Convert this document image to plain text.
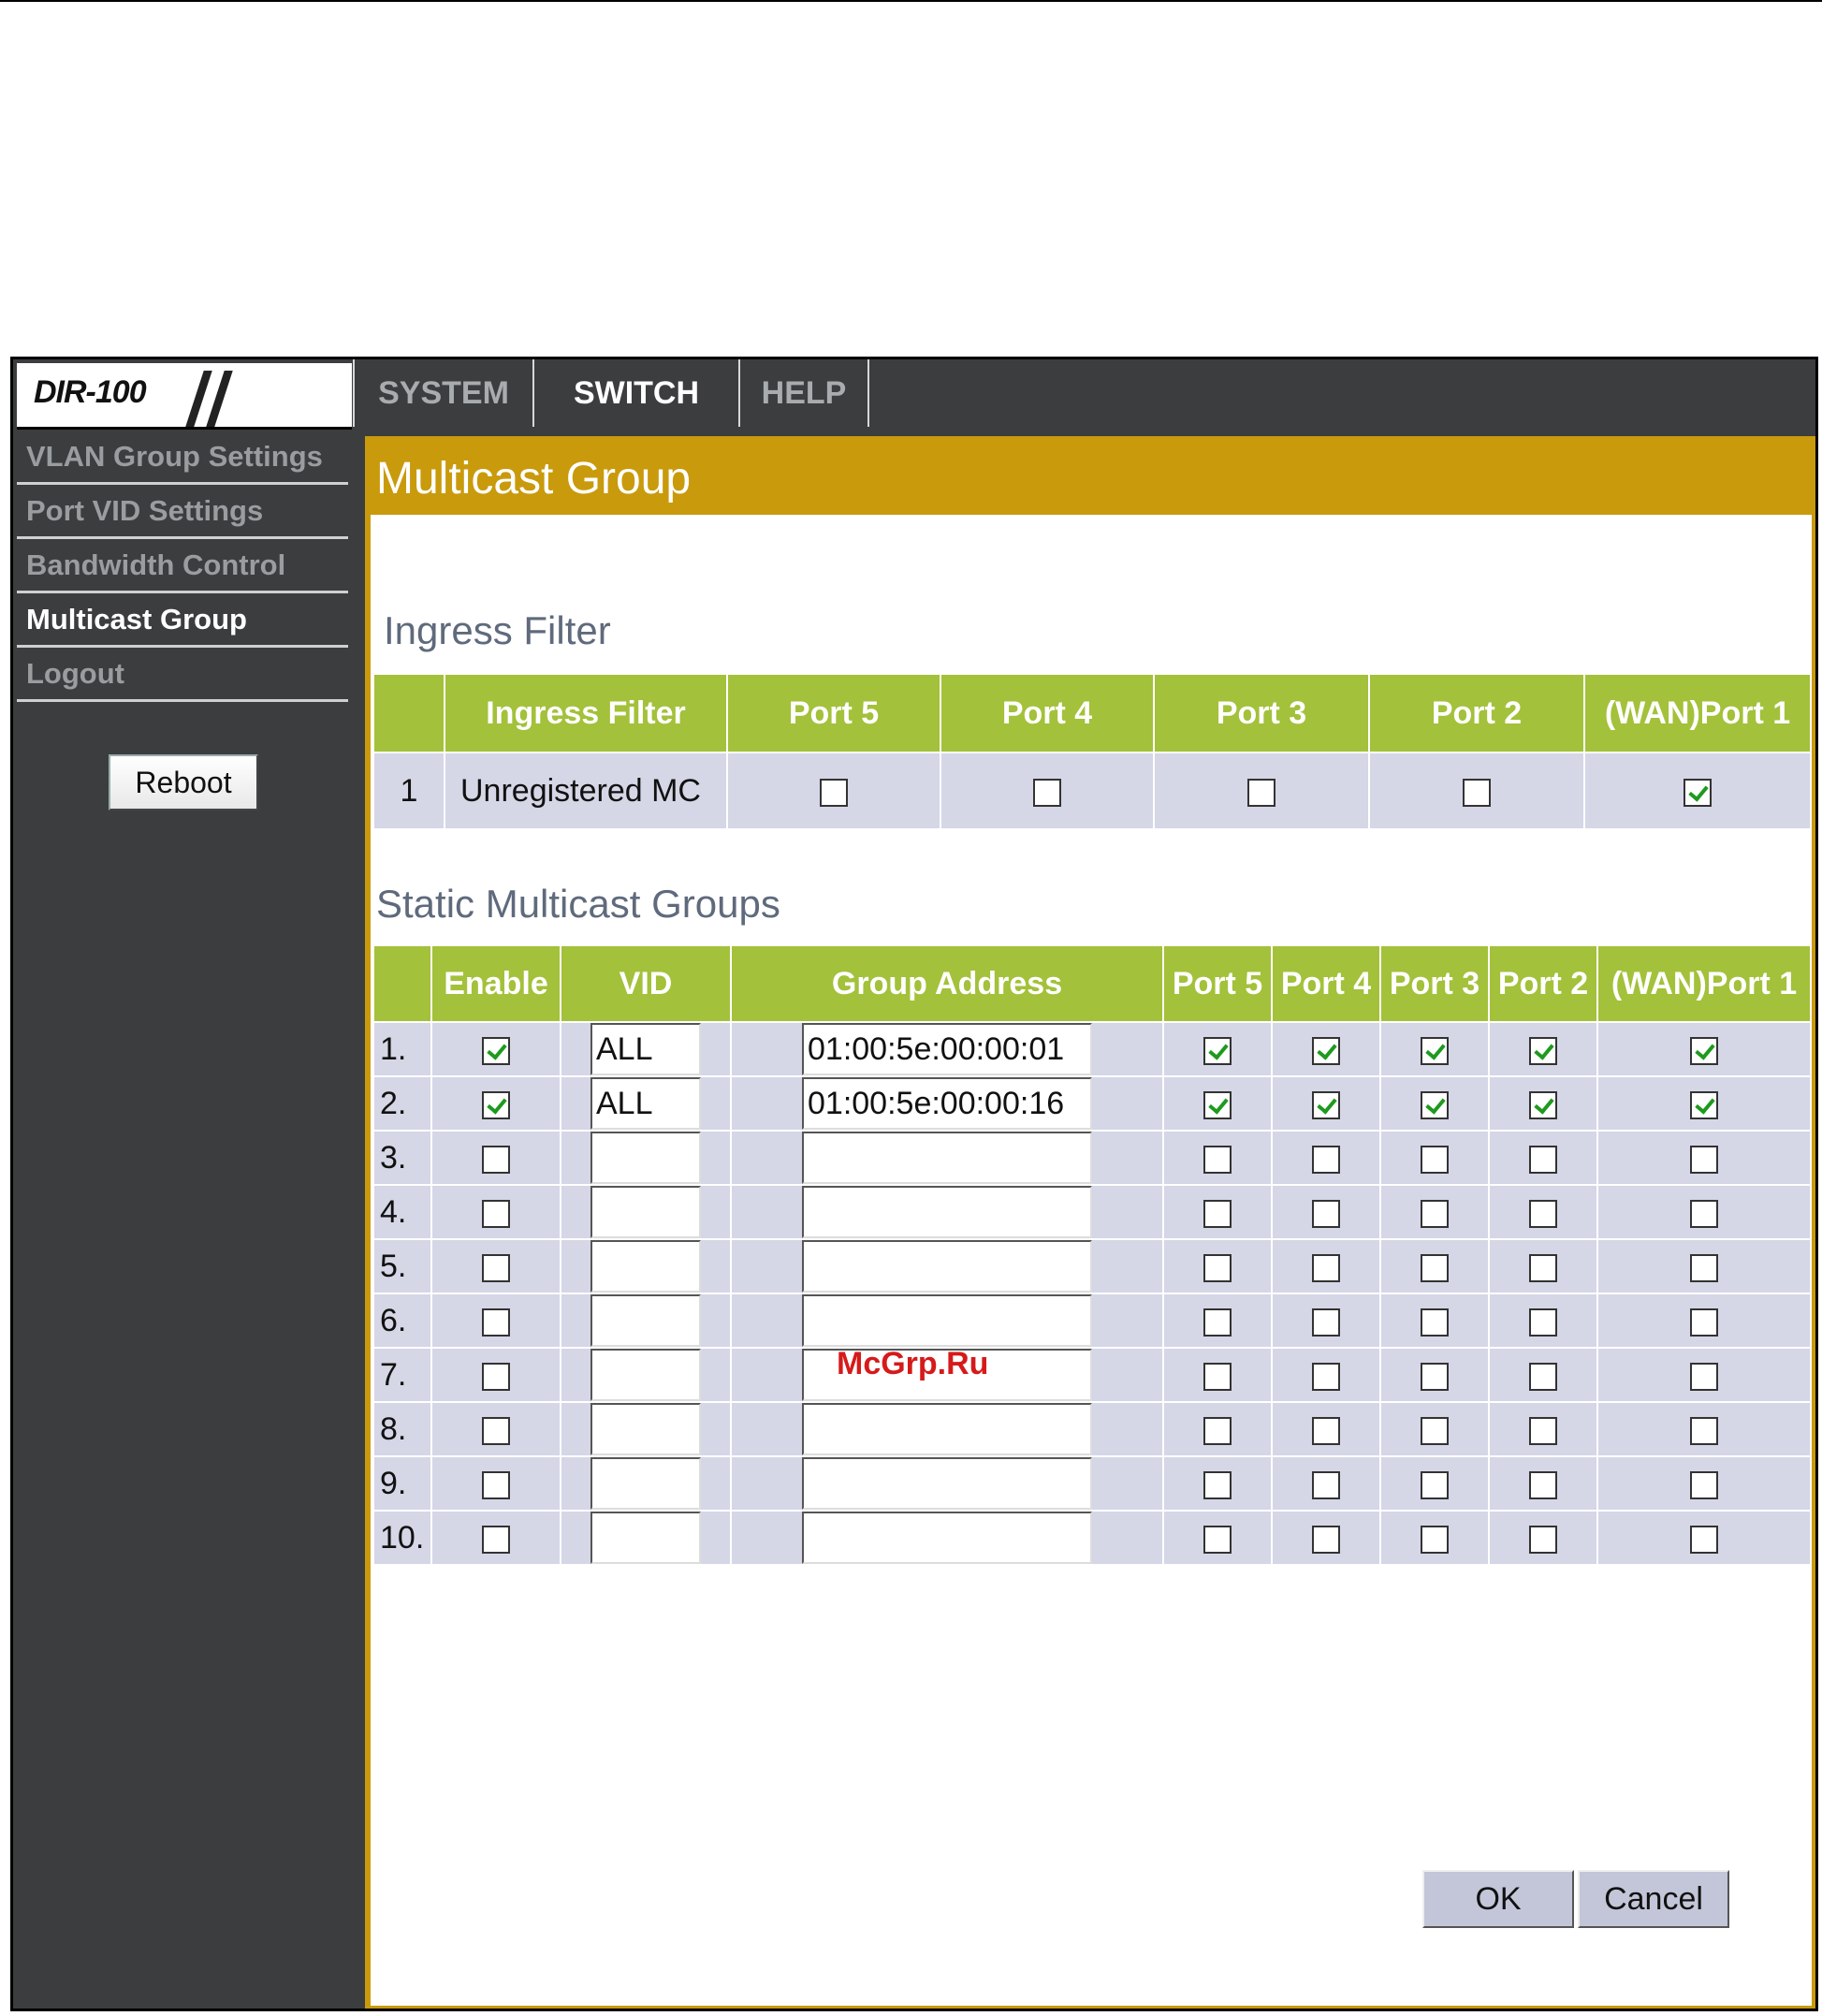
DIR-100	SYSTEM SWITCH HELP
VLAN Group Settings
Port VID Settings
Bandwidth Control
Multicast Group
Logout
Reboot
Multicast Group
Ingress Filter
	Ingress Filter	Port 5	Port 4	Port 3	Port 2	(WAN)Port 1
1	Unregistered MC					
Static Multicast Groups
	Enable	VID	Group Address	Port 5	Port 4	Port 3	Port 2	(WAN)Port 1
1.		ALL	01:00:5e:00:00:01					

2.		ALL	01:00:5e:00:00:16					

3.		

4.		

5.		

6.		

7.		

8.		

9.		

10.		

OK	Cancel
McGrp.Ru
